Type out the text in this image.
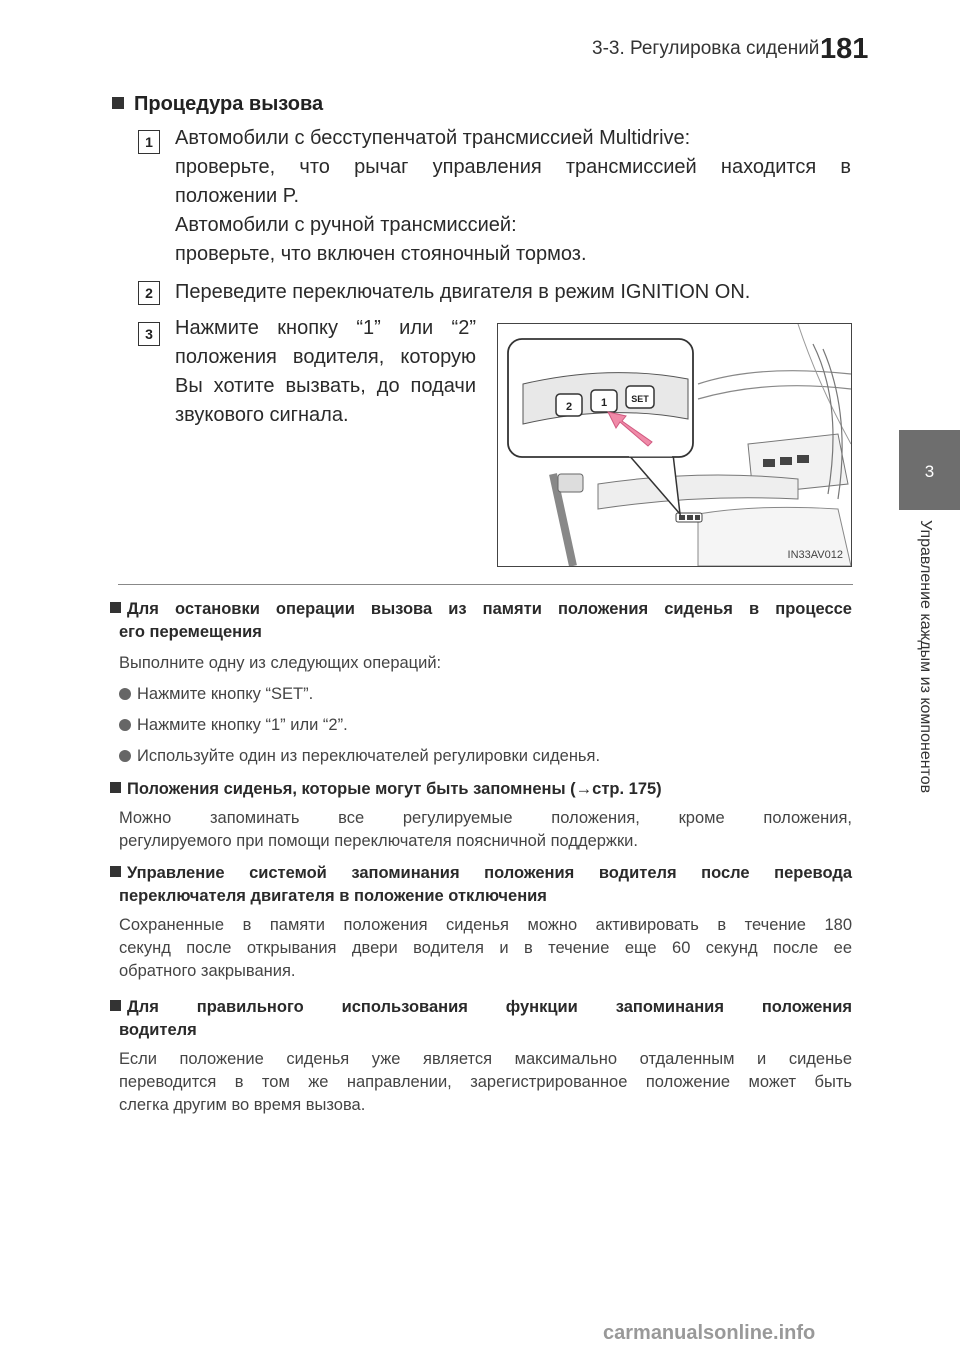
3-3. Регулировка сидений 181
3
Управление каждым из компонентов
Процедура вызова
1	Автомобили с бесступенчатой трансмиссией Multidrive:
проверьте, что рычаг управления трансмиссией находится в
положении P.
Автомобили с ручной трансмиссией:
проверьте, что включен стояночный тормоз.
2	Переведите переключатель двигателя в режим IGNITION ON.
3	Нажмите кнопку “1” или “2”
положения водителя, которую
Вы хотите вызвать, до подачи
звукового сигнала.	2	1	SET
IN33AV012
Для остановки операции вызова из памяти положения сиденья в процессе
его перемещения
Выполните одну из следующих операций:
Нажмите кнопку “SET”.
Нажмите кнопку “1” или “2”.
Используйте один из переключателей регулировки сиденья.
Положения сиденья, которые могут быть запомнены (→стр. 175)
Можно запоминать все регулируемые положения, кроме положения,
регулируемого при помощи переключателя поясничной поддержки.
Управление системой запоминания положения водителя после перевода
переключателя двигателя в положение отключения
Сохраненные в памяти положения сиденья можно активировать в течение 180
секунд после открывания двери водителя и в течение еще 60 секунд после ее
обратного закрывания.
Для правильного использования функции запоминания положения
водителя
Если положение сиденья уже является максимально отдаленным и сиденье
переводится в том же направлении, зарегистрированное положение может быть
слегка другим во время вызова.
carmanualsonline.info
